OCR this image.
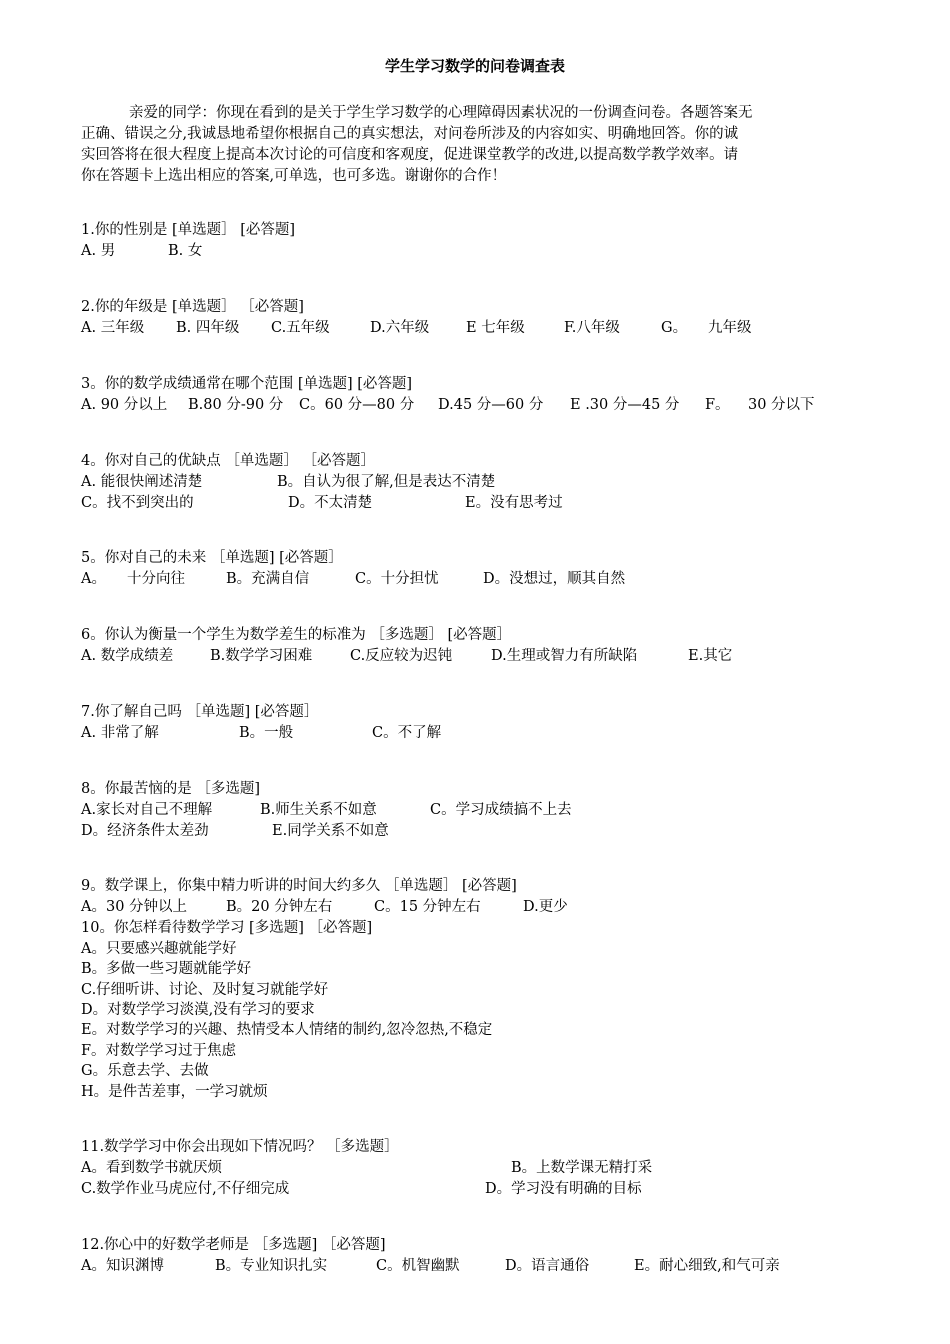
学生学习数学的问卷调查表
亲爱的同学：你现在看到的是关于学生学习数学的心理障碍因素状况的一份调查问卷。各题答案无
正确、错误之分,我诚恳地希望你根据自己的真实想法，对问卷所涉及的内容如实、明确地回答。你的诚
实回答将在很大程度上提高本次讨论的可信度和客观度，促进课堂教学的改进,以提高数学教学效率。请
你在答题卡上选出相应的答案,可单选，也可多选。谢谢你的合作！
1.你的性别是 [单选题］ [必答题]
A. 男	B. 女
2.你的年级是 [单选题］ ［必答题]
A. 三年级 B. 四年级 C.五年级	D.六年级	E 七年级	F.八年级	G。 九年级
3。你的数学成绩通常在哪个范围 [单选题] [必答题]
A. 90 分以上 B.80 分-90 分 C。60 分—80 分 D.45 分—60 分 E .30 分—45 分 F。 30 分以下
4。你对自己的优缺点 ［单选题］ ［必答题］
A. 能很快阐述清楚	B。自认为很了解,但是表达不清楚
C。找不到突出的	D。不太清楚	E。没有思考过
5。你对自己的未来 ［单选题] [必答题］
A。 十分向往	B。充满自信	C。十分担忧	D。没想过，顺其自然
6。你认为衡量一个学生为数学差生的标准为 ［多选题］ [必答题］
A. 数学成绩差	B.数学学习困难	C.反应较为迟钝	D.生理或智力有所缺陷	E.其它
7.你了解自己吗 ［单选题] [必答题］
A. 非常了解	B。一般	C。不了解
8。你最苦恼的是 ［多选题]
A.家长对自己不理解	B.师生关系不如意	C。学习成绩搞不上去
D。经济条件太差劲	E.同学关系不如意
9。数学课上，你集中精力听讲的时间大约多久 ［单选题］ [必答题]
A。30 分钟以上	B。20 分钟左右	C。15 分钟左右	D.更少
10。你怎样看待数学学习 [多选题] ［必答题]
A。只要感兴趣就能学好
B。多做一些习题就能学好
C.仔细听讲、讨论、及时复习就能学好
D。对数学学习淡漠,没有学习的要求
E。对数学学习的兴趣、热情受本人情绪的制约,忽冷忽热,不稳定
F。对数学学习过于焦虑
G。乐意去学、去做
H。是件苦差事，一学习就烦
11.数学学习中你会出现如下情况吗？ ［多选题］
A。看到数学书就厌烦	B。上数学课无精打采
C.数学作业马虎应付,不仔细完成	D。学习没有明确的目标
12.你心中的好数学老师是 ［多选题] ［必答题]
A。知识渊博	B。专业知识扎实	C。机智幽默	D。语言通俗	E。耐心细致,和气可亲
